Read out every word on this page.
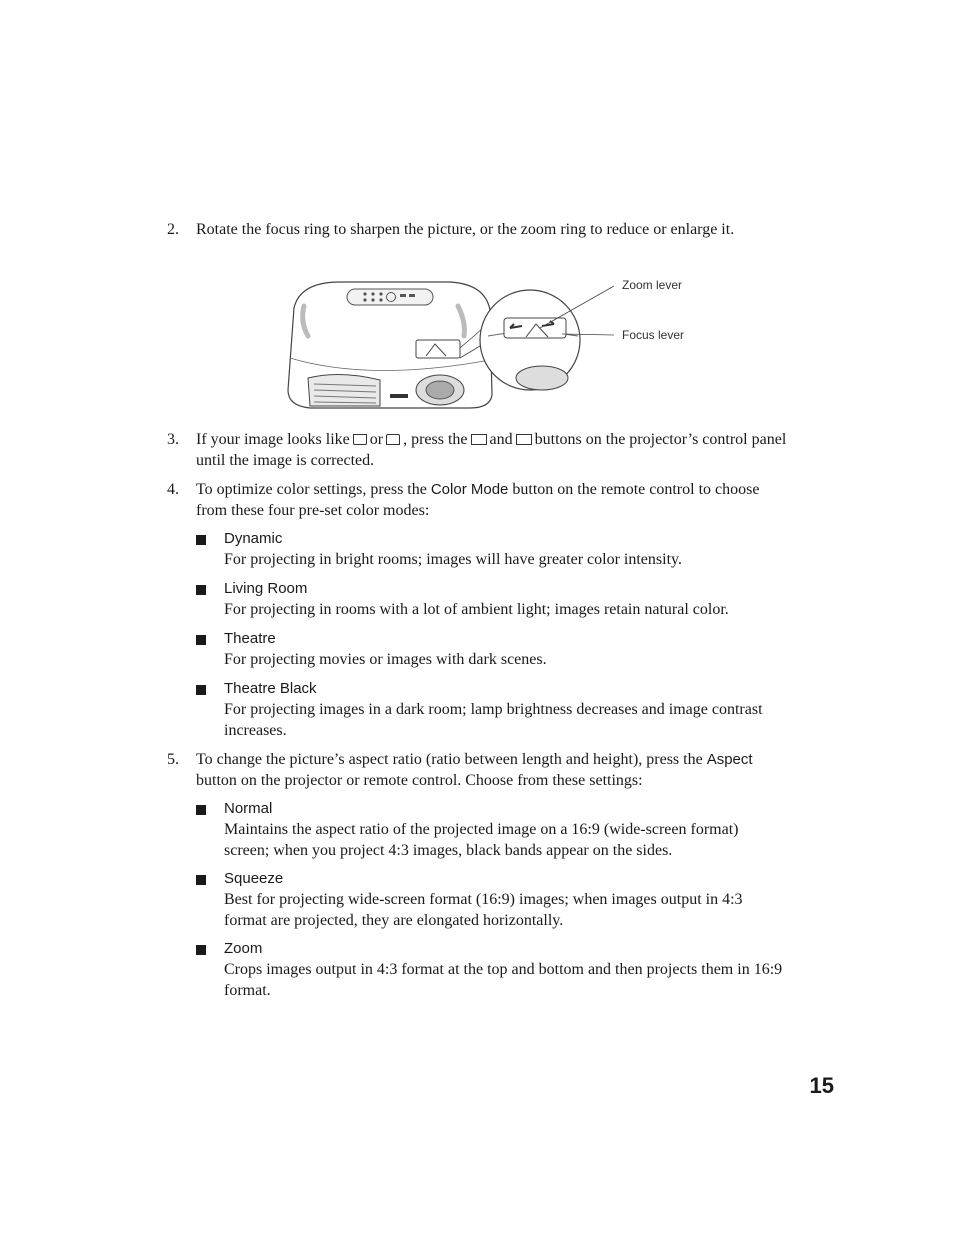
2. Rotate the focus ring to sharpen the picture, or the zoom ring to reduce or enlarge it.
Zoom lever
Focus lever
3. If your image looks like or , press the and buttons on the projector’s control panel until the image is corrected.
4. To optimize color settings, press the Color Mode button on the remote control to choose from these four pre-set color modes:
Dynamic
For projecting in bright rooms; images will have greater color intensity.
Living Room
For projecting in rooms with a lot of ambient light; images retain natural color.
Theatre
For projecting movies or images with dark scenes.
Theatre Black
For projecting images in a dark room; lamp brightness decreases and image contrast increases.
5. To change the picture’s aspect ratio (ratio between length and height), press the Aspect button on the projector or remote control. Choose from these settings:
Normal
Maintains the aspect ratio of the projected image on a 16:9 (wide-screen format) screen; when you project 4:3 images, black bands appear on the sides.
Squeeze
Best for projecting wide-screen format (16:9) images; when images output in 4:3 format are projected, they are elongated horizontally.
Zoom
Crops images output in 4:3 format at the top and bottom and then projects them in 16:9 format.
15
